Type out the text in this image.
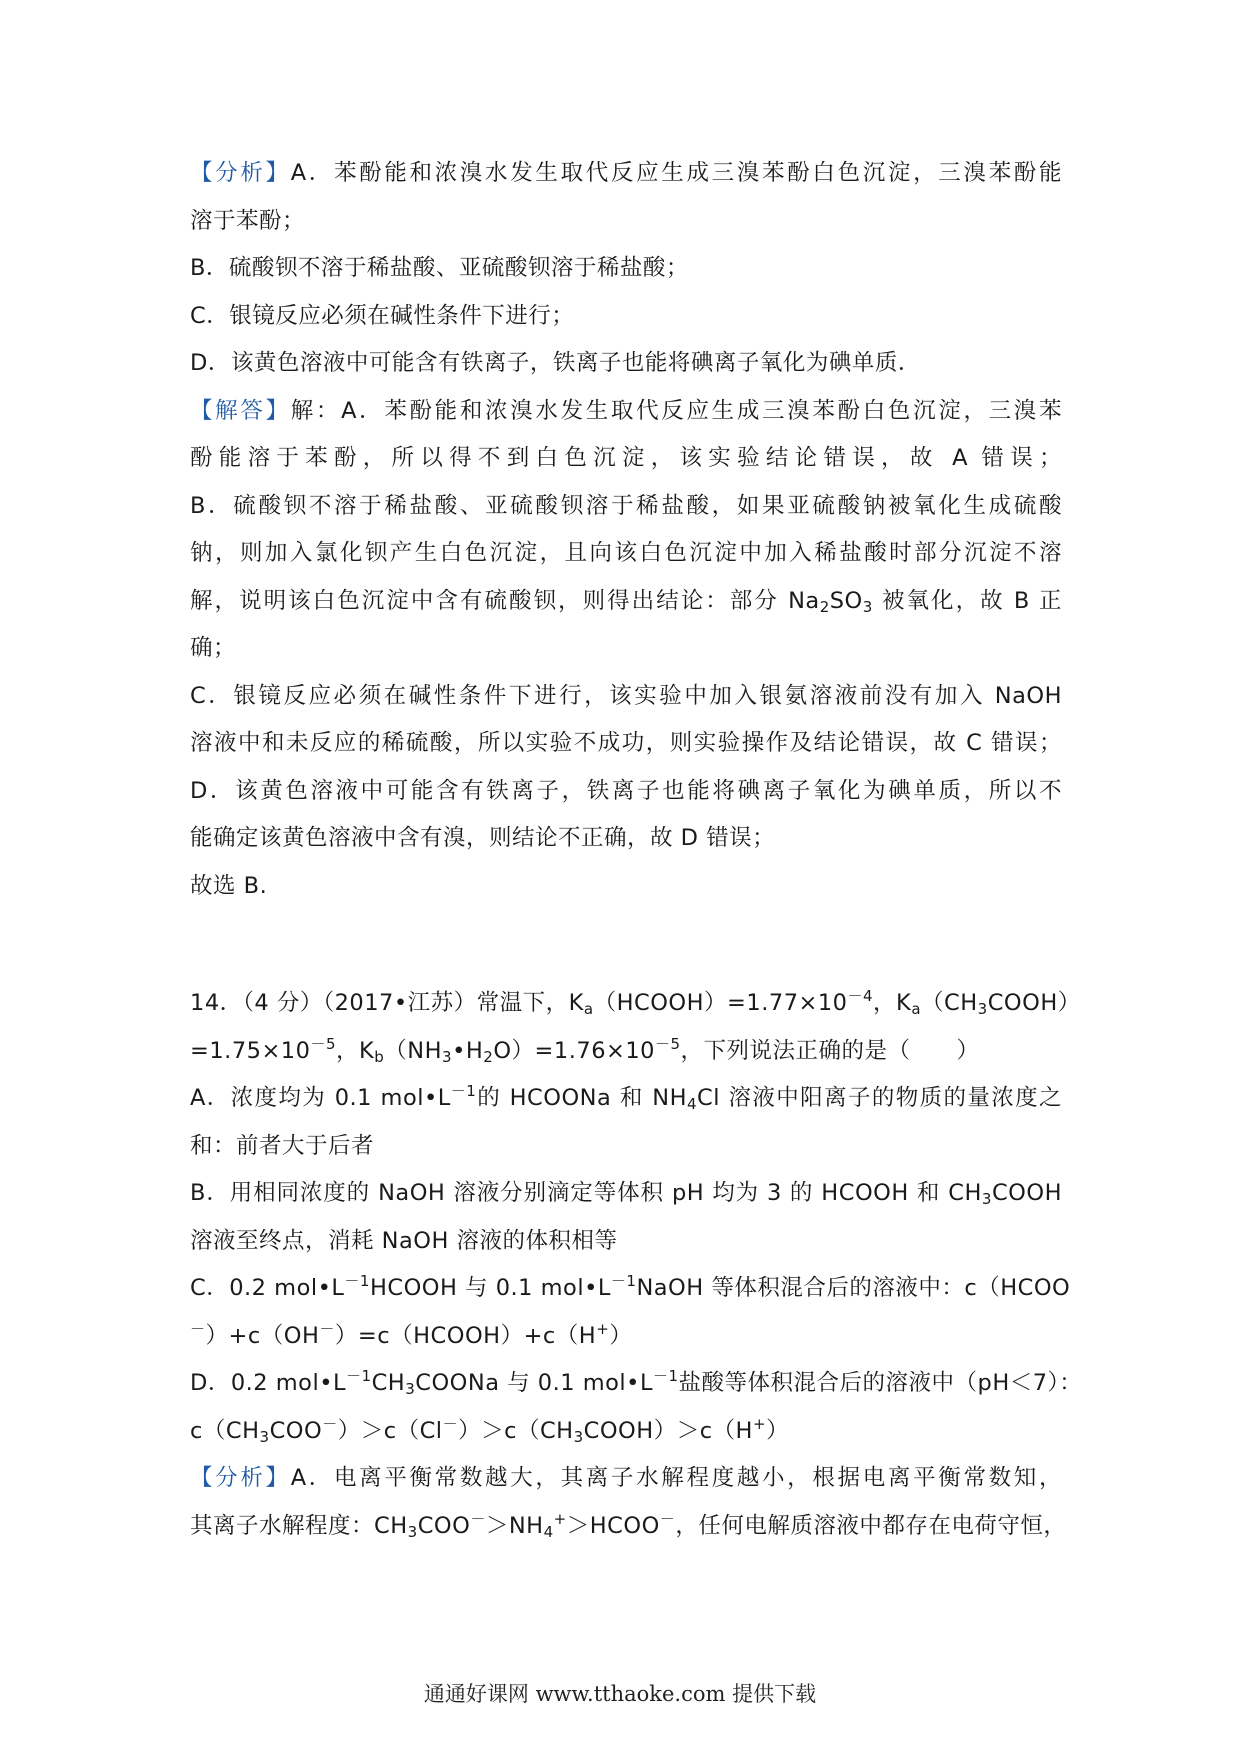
【分析】A．苯酚能和浓溴水发生取代反应生成三溴苯酚白色沉淀，三溴苯酚能
溶于苯酚；
B．硫酸钡不溶于稀盐酸、亚硫酸钡溶于稀盐酸；
C．银镜反应必须在碱性条件下进行；
D．该黄色溶液中可能含有铁离子，铁离子也能将碘离子氧化为碘单质．
【解答】解：A．苯酚能和浓溴水发生取代反应生成三溴苯酚白色沉淀，三溴苯
酚能溶于苯酚，所以得不到白色沉淀，该实验结论错误，故 A 错误；
B．硫酸钡不溶于稀盐酸、亚硫酸钡溶于稀盐酸，如果亚硫酸钠被氧化生成硫酸
钠，则加入氯化钡产生白色沉淀，且向该白色沉淀中加入稀盐酸时部分沉淀不溶
解，说明该白色沉淀中含有硫酸钡，则得出结论：部分 $Na_2SO_3$ 被氧化，故 B 正
确；
C．银镜反应必须在碱性条件下进行，该实验中加入银氨溶液前没有加入 NaOH
溶液中和未反应的稀硫酸，所以实验不成功，则实验操作及结论错误，故 C 错误；
D．该黄色溶液中可能含有铁离子，铁离子也能将碘离子氧化为碘单质，所以不
能确定该黄色溶液中含有溴，则结论不正确，故 D 错误；
故选 B.
14．（4 分）（2017•江苏）常温下，$K_a(HCOOH)=1.77\times 10^{-4}$，$K_a(CH_3COOH)$
$=1.75\times 10^{-5}$，$K_b(NH_3•H_2O)=1.76\times 10^{-5}$，下列说法正确的是（　　）
A．浓度均为 0.1 $mol•L^{-1}$的 HCOONa 和 $NH_4Cl$ 溶液中阳离子的物质的量浓度之
和：前者大于后者
B．用相同浓度的 NaOH 溶液分别滴定等体积 pH 均为 3 的 HCOOH 和 $CH_3COOH$
溶液至终点，消耗 NaOH 溶液的体积相等
C．0.2 $mol•L^{-1}HCOOH$ 与 0.1 $mol•L^{-1}NaOH$ 等体积混合后的溶液中：c（HCOO
－）+c（OH－）=c（HCOOH）+c（H+）
D．0.2 $mol•L^{-1}CH_3COONa$ 与 0.1 $mol•L^{-1}$盐酸等体积混合后的溶液中（pH＜7）：
$c(CH_3COO^-)>c(Cl^-)>c(CH_3COOH)>c(H^+)$
【分析】A．电离平衡常数越大，其离子水解程度越小，根据电离平衡常数知，
其离子水解程度：$CH_3COO^->NH_4^+>HCOO^-$，任何电解质溶液中都存在电荷守恒，
通通好课网 www.tthaoke.com 提供下载
